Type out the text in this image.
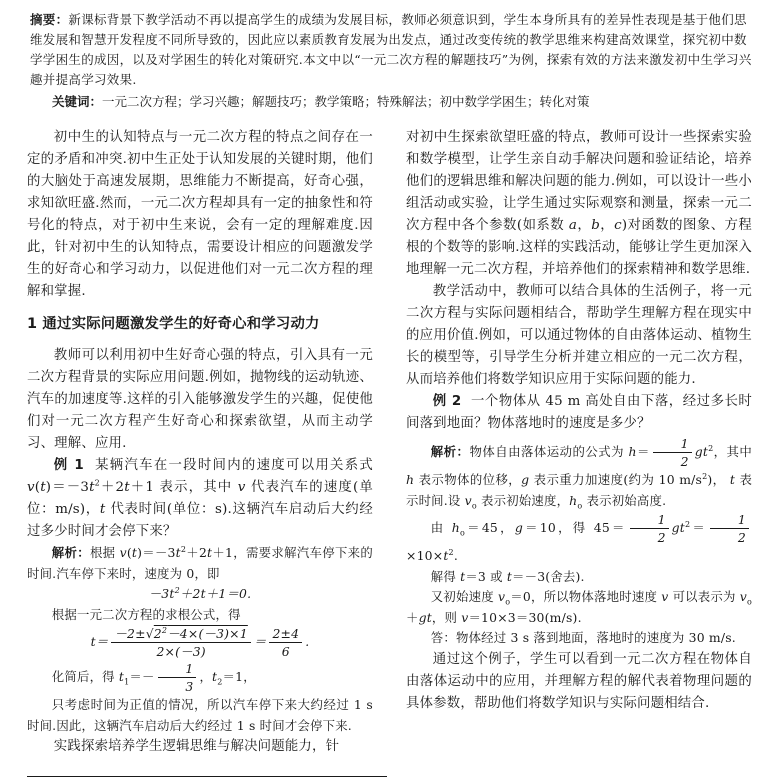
摘要：新课标背景下教学活动不再以提高学生的成绩为发展目标，教师必须意识到，学生本身所具有的差异性表现是基于他们思维发展和智慧开发程度不同所导致的，因此应以素质教育发展为出发点，通过改变传统的教学思维来构建高效课堂，探究初中数学学困生的成因，以及对学困生的转化对策研究.本文中以“一元二次方程的解题技巧”为例，探索有效的方法来激发初中生学习兴趣并提高学习效果.
关键词：一元二次方程；学习兴趣；解题技巧；教学策略；特殊解法；初中数学学困生；转化对策

初中生的认知特点与一元二次方程的特点之间存在一定的矛盾和冲突.初中生正处于认知发展的关键时期，他们的大脑处于高速发展期，思维能力不断提高，好奇心强，求知欲旺盛.然而，一元二次方程却具有一定的抽象性和符号化的特点，对于初中生来说，会有一定的理解难度.因此，针对初中生的认知特点，需要设计相应的问题激发学生的好奇心和学习动力，以促进他们对一元二次方程的理解和掌握.

1 通过实际问题激发学生的好奇心和学习动力

教师可以利用初中生好奇心强的特点，引入具有一元二次方程背景的实际应用问题.例如，抛物线的运动轨迹、汽车的加速度等.这样的引入能够激发学生的兴趣，促使他们对一元二次方程产生好奇心和探索欲望，从而主动学习、理解、应用.

例 1 某辆汽车在一段时间内的速度可以用关系式 $v(t)=-3t^2+2t+1$ 表示，其中 v 代表汽车的速度(单位：m/s)，t 代表时间(单位：s).这辆汽车启动后大约经过多少时间才会停下来？

解析：根据 $v(t)=-3t^2+2t+1$，需要求解汽车停下来的时间.汽车停下来时，速度为 0，即

$-3t^2+2t+1=0$.

根据一元二次方程的求根公式，得

$t= \frac{-2\pm√2^2-4\times(-3)\times 1}{2\times(-3)} = \frac{2\pm 4}{6}$ .

化简后，得 $t_1=- \frac{1}{3}$ ，$t_2=1$，

只考虑时间为正值的情况，所以汽车停下来大约经过 1 s 时间.因此，这辆汽车启动后大约经过 1 s 时间才会停下来.

实践探索培养学生逻辑思维与解决问题能力，针

对初中生探索欲望旺盛的特点，教师可设计一些探索实验和数学模型，让学生亲自动手解决问题和验证结论，培养他们的逻辑思维和解决问题的能力.例如，可以设计一些小组活动或实验，让学生通过实际观察和测量，探索一元二次方程中各个参数(如系数 a，b，c)对函数的图象、方程根的个数等的影响.这样的实践活动，能够让学生更加深入地理解一元二次方程，并培养他们的探索精神和数学思维.

教学活动中，教师可以结合具体的生活例子，将一元二次方程与实际问题相结合，帮助学生理解方程在现实中的应用价值.例如，可以通过物体的自由落体运动、植物生长的模型等，引导学生分析并建立相应的一元二次方程，从而培养他们将数学知识应用于实际问题的能力.

例 2 一个物体从 45 m 高处自由下落，经过多长时间落到地面？物体落地时的速度是多少？

解析：物体自由落体运动的公式为 $h= \frac{1}{2} gt^2$，其中 h 表示物体的位移，g 表示重力加速度(约为 10 $m/s^2$)， t 表示时间.设 $v_o$ 表示初始速度，$h_o$ 表示初始高度.

由 $h_o=45$，g＝10，得 $45= \frac{1}{2} gt^2= \frac{1}{2}$
$\times 10\times t^2$.

解得 t＝3 或 t＝－3(舍去).

又初始速度 $v_o=0$，所以物体落地时速度 v 可以表示为 $v_o+gt$，则 v＝10×3＝30(m/s).

答：物体经过 3 s 落到地面，落地时的速度为 30 m/s.

通过这个例子，学生可以看到一元二次方程在物体自由落体运动中的应用，并理解方程的解代表着物理问题的具体参数，帮助他们将数学知识与实际问题相结合.
